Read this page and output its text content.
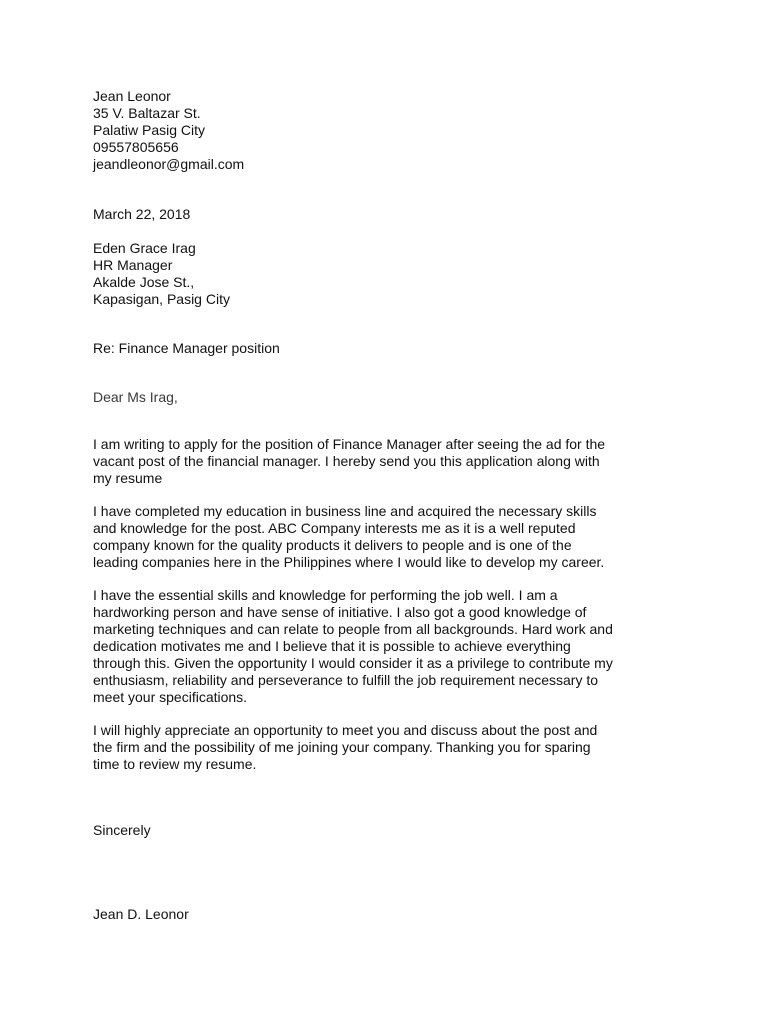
Jean Leonor
35 V. Baltazar St.
Palatiw Pasig City
09557805656
jeandleonor@gmail.com

March 22, 2018

Eden Grace Irag
HR Manager
Akalde Jose St.,
Kapasigan, Pasig City

Re: Finance Manager position

Dear Ms Irag,

I am writing to apply for the position of Finance Manager after seeing the ad for the
vacant post of the financial manager. I hereby send you this application along with
my resume
I have completed my education in business line and acquired the necessary skills
and knowledge for the post. ABC Company interests me as it is a well reputed
company known for the quality products it delivers to people and is one of the
leading companies here in the Philippines where I would like to develop my career.
I have the essential skills and knowledge for performing the job well. I am a
hardworking person and have sense of initiative. I also got a good knowledge of
marketing techniques and can relate to people from all backgrounds. Hard work and
dedication motivates me and I believe that it is possible to achieve everything
through this. Given the opportunity I would consider it as a privilege to contribute my
enthusiasm, reliability and perseverance to fulfill the job requirement necessary to
meet your specifications.
I will highly appreciate an opportunity to meet you and discuss about the post and
the firm and the possibility of me joining your company. Thanking you for sparing
time to review my resume.

Sincerely

Jean D. Leonor
